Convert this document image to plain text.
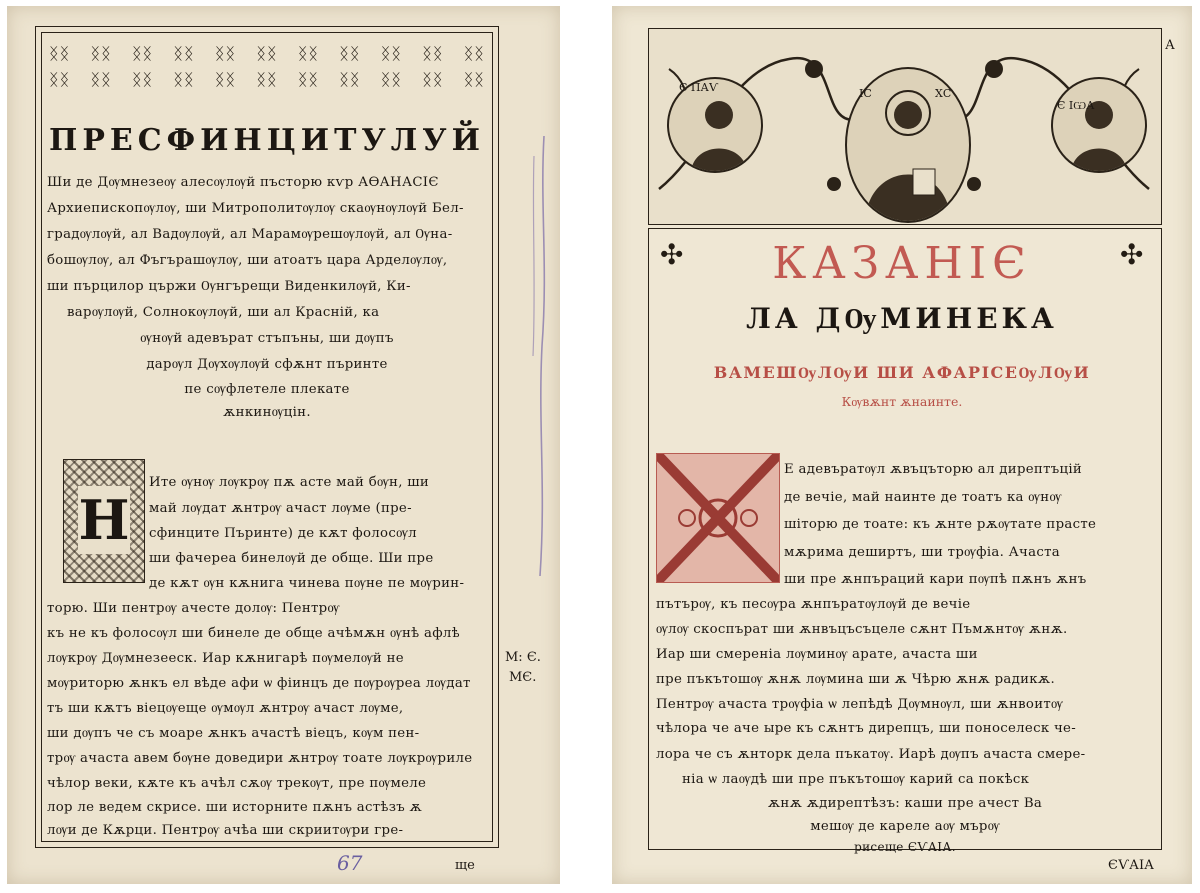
ᛝᛝ ᛝᛝ ᛝᛝ ᛝᛝ ᛝᛝ ᛝᛝ ᛝᛝ ᛝᛝ ᛝᛝ ᛝᛝ ᛝᛝ
ᛝᛝ ᛝᛝ ᛝᛝ ᛝᛝ ᛝᛝ ᛝᛝ ᛝᛝ ᛝᛝ ᛝᛝ ᛝᛝ ᛝᛝ
ПРЕСФИНЦИТУЛУЙ
Ши де Дѹмнезеѹ алесѹлѹй пъсторю кѵр АѲАНАСІЄ
Архиепископѹлѹ, ши Митрополитѹлѹ скаѹнѹлѹй Бел-
градѹлѹй, ал Вадѹлѹй, ал Марамѹрешѹлѹй, ал Ѹна-
бошѹлѹ, ал Фъгърашѹлѹ, ши атоатъ цара Арделѹлѹ,
ши пърцилор цържи Ѹнгърещи Виденкилѹй, Ки-
варѹлѹй, Солнокѹлѹй, ши ал Красній, ка
ѹнѹй адевърат стъпъны, ши дѹпъ
дарѹл Дѹхѹлѹй сфѫнт пъринте
пе сѹфлетеле плекате
ѫнкинѹцін.
Н
Ите ѹнѹ лѹкрѹ пѫ асте май бѹн, ши
май лѹдат ѫнтрѹ ачаст лѹме (пре-
сфинците Пъринте) де кѫт фолосѹл
ши фачереа бинелѹй де обще. Ши пре
де кѫт ѹн кѫнига чинева пѹне пе мѹрин-
торю. Ши пентрѹ ачесте долѹ: Пентрѹ
къ не къ фолосѹл ши бинеле де обще ачѣмѫн ѹнѣ афлѣ
лѹкрѹ Дѹмнезееск. Иар кѫнигарѣ пѹмелѹй не
мѹриторю ѫнкъ ел вѣде афи ѡ фіинцъ де пѹрѹреа лѹдат
тъ ши кѫтъ віецѹеще ѹмѹл ѫнтрѹ ачаст лѹме,
ши дѹпъ че съ моаре ѫнкъ ачастѣ віецъ, кѹм пен-
трѹ ачаста авем бѹне доведири ѫнтрѹ тоате лѹкрѹриле
чѣлор веки, кѫте къ ачѣл сѫѹ трекѹт, пре пѹмеле
лор ле ведем скрисе. ши исторните пѫнъ астѣзъ ѫ
лѹи де Кѫрци. Пентрѹ ачѣа ши скриитѹри гре-
М: Є.
МЄ.
ще
67
А
Є ПАѴ	ІС	ХС
Є ІѠА
✣	✣
КАЗАНІЄ
ЛА ДѸМИНЕКА
ВАМЕШѸЛѸИ ШИ АФАРІСЕѸЛѸИ
Кѹвѫнт ѫнаинте.
Е адевъратѹл ѫвъцъторю ал дирептъцій
де вечіе, май наинте де тоатъ ка ѹнѹ
шіторю де тоате: къ ѫнте рѫѹтате прасте
мѫрима деширтъ, ши трѹфіа. Ачаста
ши пре ѫнпъраций кари пѹпѣ пѫнъ ѫнъ
пътърѹ, къ песѹра ѫнпъратѹлѹй де вечіе
ѹлѹ скоспърат ши ѫнвъцъсъцеле сѫнт Пъмѫнтѹ ѫнѫ.
Иар ши смереніа лѹминѹ арате, ачаста ши
пре пъкътошѹ ѫнѫ лѹмина ши ѫ Чѣрю ѫнѫ радикѫ.
Пентрѹ ачаста трѹфіа ѡ лепѣдѣ Дѹмнѹл, ши ѫнвоитѹ
чѣлора че аче ыре къ сѫнтъ дирепцъ, ши поноселеск че-
лора че съ ѫнторк дела пъкатѹ. Иарѣ дѹпъ ачаста смере-
ніа ѡ лаѹдѣ ши пре пъкътошѹ карий са покѣск
ѫнѫ ѫдирептѣзъ: каши пре ачест Ва
мешѹ де кареле аѹ мърѹ
рисеще ЄѴАІА.
ЄѴАІА
